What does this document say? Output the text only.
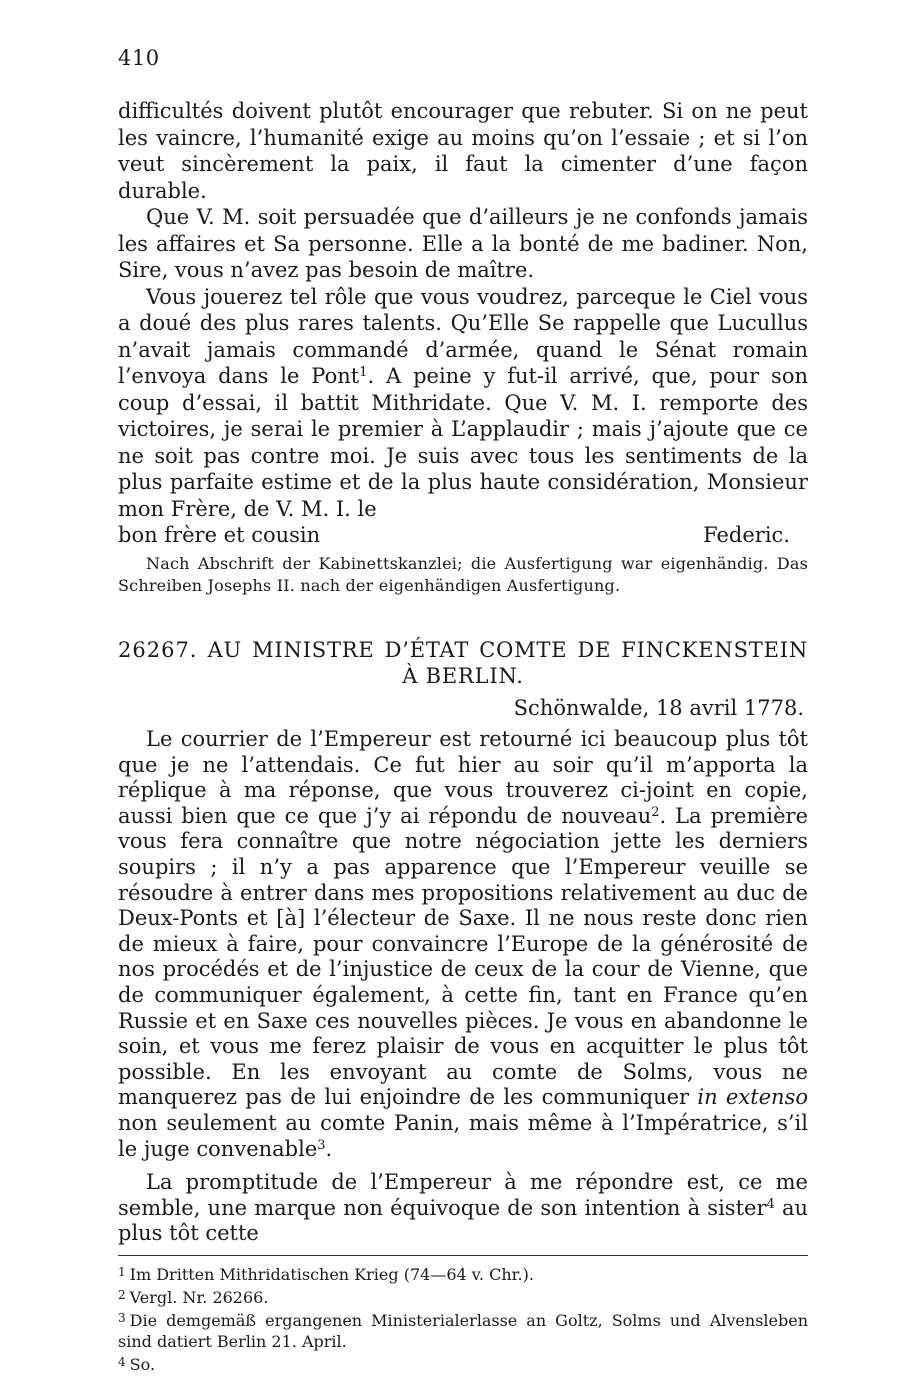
410

difficultés doivent plutôt encourager que rebuter. Si on ne peut les vaincre, l’humanité exige au moins qu’on l’essaie ; et si l’on veut sincèrement la paix, il faut la cimenter d’une façon durable.

Que V. M. soit persuadée que d’ailleurs je ne confonds jamais les affaires et Sa personne. Elle a la bonté de me badiner. Non, Sire, vous n’avez pas besoin de maître.

Vous jouerez tel rôle que vous voudrez, parceque le Ciel vous a doué des plus rares talents. Qu’Elle Se rappelle que Lucullus n’avait jamais commandé d’armée, quand le Sénat romain l’envoya dans le Pont$^1$. A peine y fut-il arrivé, que, pour son coup d’essai, il battit Mithridate. Que V. M. I. remporte des victoires, je serai le premier à L’applaudir ; mais j’ajoute que ce ne soit pas contre moi. Je suis avec tous les sentiments de la plus parfaite estime et de la plus haute considération, Monsieur mon Frère, de V. M. I. le

bon frère et cousin	Federic.

Nach Abschrift der Kabinettskanzlei; die Ausfertigung war eigenhändig. Das Schreiben Josephs II. nach der eigenhändigen Ausfertigung.

26267. AU MINISTRE D’ÉTAT COMTE DE FINCKENSTEIN
À BERLIN.
Schönwalde, 18 avril 1778.

Le courrier de l’Empereur est retourné ici beaucoup plus tôt que je ne l’attendais. Ce fut hier au soir qu’il m’apporta la réplique à ma réponse, que vous trouverez ci-joint en copie, aussi bien que ce que j’y ai répondu de nouveau$^2$. La première vous fera connaître que notre négociation jette les derniers soupirs ; il n’y a pas apparence que l’Empereur veuille se résoudre à entrer dans mes propositions relativement au duc de Deux-Ponts et [à] l’électeur de Saxe. Il ne nous reste donc rien de mieux à faire, pour convaincre l’Europe de la générosité de nos procédés et de l’injustice de ceux de la cour de Vienne, que de communiquer également, à cette fin, tant en France qu’en Russie et en Saxe ces nouvelles pièces. Je vous en abandonne le soin, et vous me ferez plaisir de vous en acquitter le plus tôt possible. En les envoyant au comte de Solms, vous ne manquerez pas de lui enjoindre de les communiquer in extenso non seulement au comte Panin, mais même à l’Impératrice, s’il le juge convenable$^3$.

La promptitude de l’Empereur à me répondre est, ce me semble, une marque non équivoque de son intention à sister$^4$ au plus tôt cette

$^1$ Im Dritten Mithridatischen Krieg (74—64 v. Chr.).
$^2$ Vergl. Nr. 26266.
$^3$ Die demgemäß ergangenen Ministerialerlasse an Goltz, Solms und Alvensleben sind datiert Berlin 21. April.
$^4$ So.
